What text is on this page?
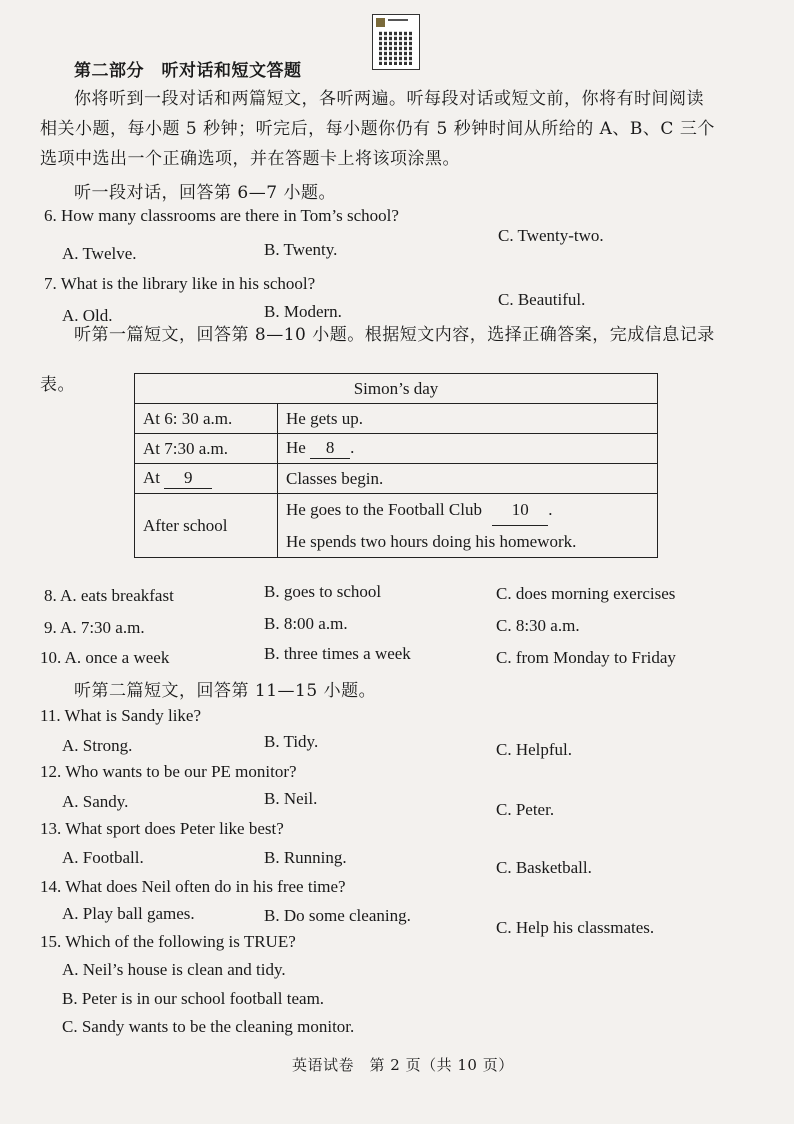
第二部分　听对话和短文答题
你将听到一段对话和两篇短文，各听两遍。听每段对话或短文前，你将有时间阅读
相关小题，每小题 5 秒钟；听完后，每小题你仍有 5 秒钟时间从所给的 A、B、C 三个
选项中选出一个正确选项，并在答题卡上将该项涂黑。
听一段对话，回答第 6—7 小题。
6. How many classrooms are there in Tom’s school?
A. Twelve.	B. Twenty.
C. Twenty-two.
7. What is the library like in his school?
A. Old.	B. Modern.
C. Beautiful.
听第一篇短文，回答第 8—10 小题。根据短文内容，选择正确答案，完成信息记录
表。	Simon’s day	
At 6: 30 a.m.	He gets up.
At 7:30 a.m.	He 8 .
At 9	Classes begin.
After school	He goes to the Football Club 10 .
He spends two hours doing his homework.
8. A. eats breakfast	B. goes to school	C. does morning exercises
9. A. 7:30 a.m.	B. 8:00 a.m.	C. 8:30 a.m.
10. A. once a week	B. three times a week	C. from Monday to Friday
听第二篇短文，回答第 11—15 小题。
11. What is Sandy like?
A. Strong.	B. Tidy.	C. Helpful.
12. Who wants to be our PE monitor?
A. Sandy.	B. Neil.
C. Peter.
13. What sport does Peter like best?
A. Football.	B. Running.
C. Basketball.
14. What does Neil often do in his free time?
A. Play ball games.	B. Do some cleaning.
C. Help his classmates.
15. Which of the following is TRUE?
A. Neil’s house is clean and tidy.
B. Peter is in our school football team.
C. Sandy wants to be the cleaning monitor.
英语试卷　第 2 页（共 10 页）
